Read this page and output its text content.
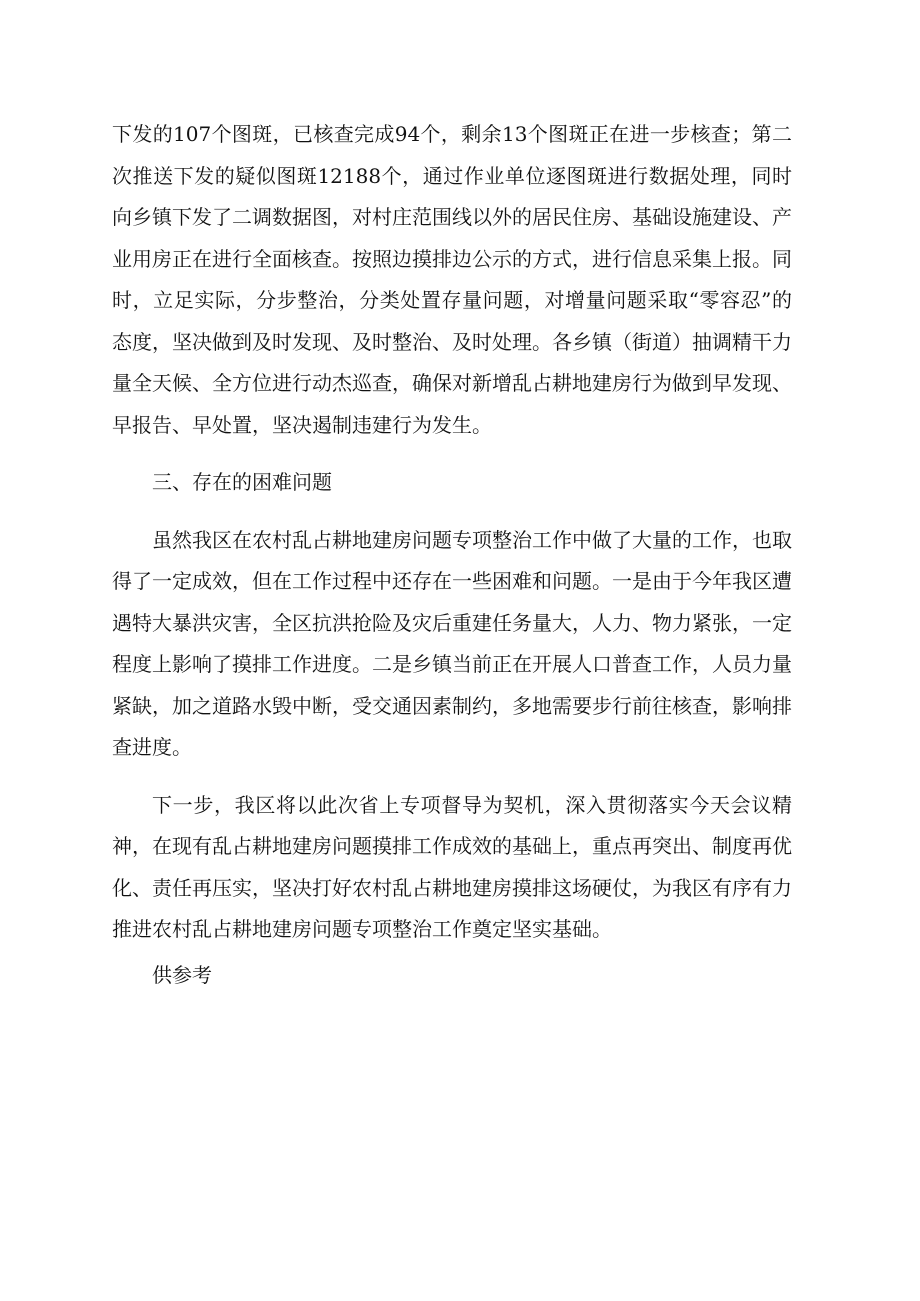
下发的107个图斑，已核查完成94个，剩余13个图斑正在进一步核查；第二次推送下发的疑似图斑12188个，通过作业单位逐图斑进行数据处理，同时向乡镇下发了二调数据图，对村庄范围线以外的居民住房、基础设施建设、产业用房正在进行全面核查。按照边摸排边公示的方式，进行信息采集上报。同时，立足实际，分步整治，分类处置存量问题，对增量问题采取“零容忍”的态度，坚决做到及时发现、及时整治、及时处理。各乡镇（街道）抽调精干力量全天候、全方位进行动杰巡查，确保对新增乱占耕地建房行为做到早发现、早报告、早处置，坚决遏制违建行为发生。

三、存在的困难问题

虽然我区在农村乱占耕地建房问题专项整治工作中做了大量的工作，也取得了一定成效，但在工作过程中还存在一些困难和问题。一是由于今年我区遭遇特大暴洪灾害，全区抗洪抢险及灾后重建任务量大，人力、物力紧张，一定程度上影响了摸排工作进度。二是乡镇当前正在开展人口普查工作，人员力量紧缺，加之道路水毁中断，受交通因素制约，多地需要步行前往核查，影响排查进度。

下一步，我区将以此次省上专项督导为契机，深入贯彻落实今天会议精神，在现有乱占耕地建房问题摸排工作成效的基础上，重点再突出、制度再优化、责任再压实，坚决打好农村乱占耕地建房摸排这场硬仗，为我区有序有力推进农村乱占耕地建房问题专项整治工作奠定坚实基础。

供参考
